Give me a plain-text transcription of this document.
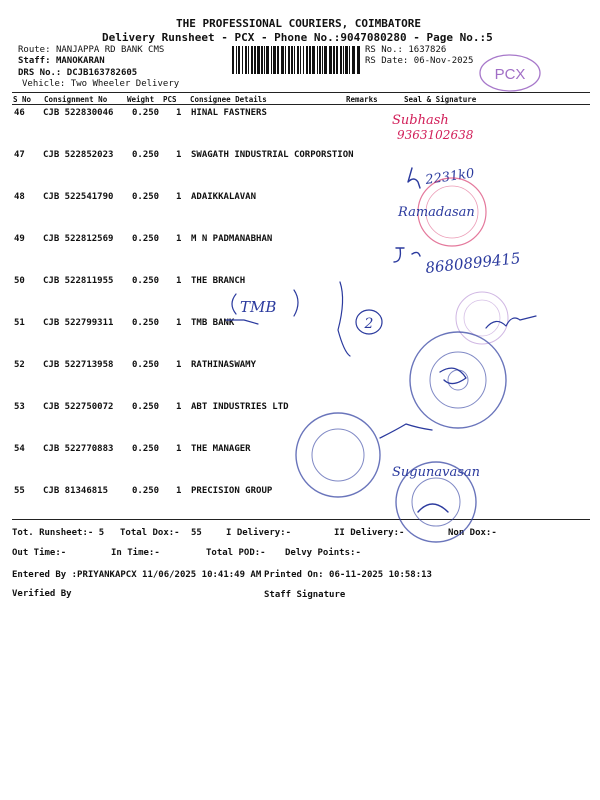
THE PROFESSIONAL COURIERS, COIMBATORE
Delivery Runsheet - PCX - Phone No.:9047080280 - Page No.:5
Route: NANJAPPA RD BANK CMS
Staff: MANOKARAN
DRS No.: DCJB163782605
Vehicle: Two Wheeler Delivery
RS No.: 1637826
RS Date: 06-Nov-2025
S No Consignment No	Weight PCS Consignee Details	Remarks	Seal & Signature
46 CJB 522830046 0.250 1 HINAL FASTNERS
47 CJB 522852023 0.250 1 SWAGATH INDUSTRIAL CORPORSTION
48 CJB 522541790 0.250 1 ADAIKKALAVAN
49 CJB 522812569 0.250 1 M N PADMANABHAN
50 CJB 522811955 0.250 1 THE BRANCH
51 CJB 522799311 0.250 1 TMB BANK
52 CJB 522713958 0.250 1 RATHINASWAMY
53 CJB 522750072 0.250 1 ABT INDUSTRIES LTD
54 CJB 522770883 0.250 1 THE MANAGER
55 CJB 81346815	0.250 1 PRECISION GROUP
Tot. Runsheet:- 5 Total Dox:- 55	I Delivery:-	II Delivery:-	Non Dox:-
Out Time:-	In Time:-	Total POD:- Delvy Points:-
Entered By :PRIYANKAPCX 11/06/2025 10:41:49 AM Printed On: 06-11-2025 10:58:13
Verified By	Staff Signature
PCX
Subhash
9363102638
2231k0
Ramadasan
8680899415
TMB
2
Sugunavasan
